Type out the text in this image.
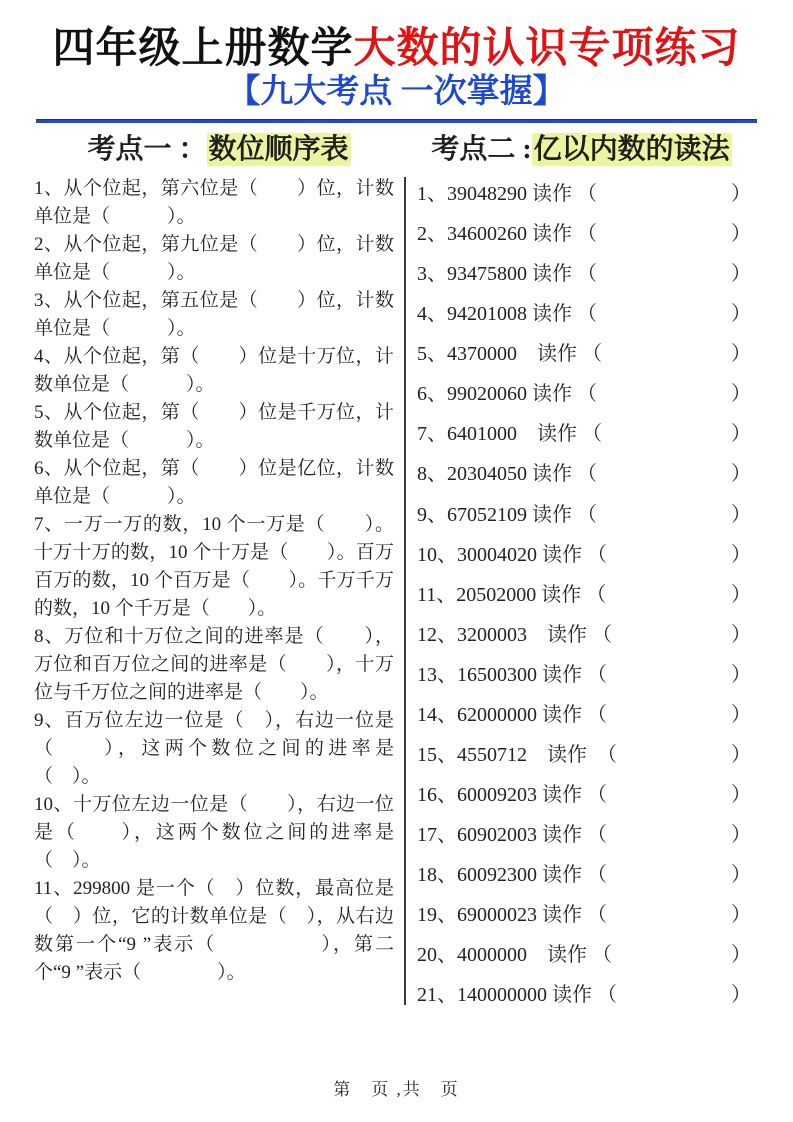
四年级上册数学大数的认识专项练习
【九大考点 一次掌握】
考点一 ：数位顺序表	考点二 :亿以内数的读法

1、从个位起，第六位是（　　）位，计数单位是（　　　）。

2、从个位起，第九位是（　　）位，计数单位是（　　　）。

3、从个位起，第五位是（　　）位，计数单位是（　　　）。

4、从个位起，第（　　）位是十万位，计数单位是（　　　）。

5、从个位起，第（　　）位是千万位，计数单位是（　　　）。

6、从个位起，第（　　）位是亿位，计数单位是（　　　）。

7、一万一万的数，10 个一万是（　　）。十万十万的数，10 个十万是（　　）。百万百万的数，10 个百万是（　　）。千万千万的数，10 个千万是（　　）。

8、万位和十万位之间的进率是（　　），万位和百万位之间的进率是（　　），十万位与千万位之间的进率是（　　）。

9、百万位左边一位是（　），右边一位是（　　），这两个数位之间的进率是（　）。

10、十万位左边一位是（　　），右边一位是（　　），这两个数位之间的进率是（　）。

11、299800 是一个（　）位数，最高位是（　）位，它的计数单位是（　），从右边数第一个“9 ”表示（　　　　　），第二个“9 ”表示（　　　　）。

1、39048290 读作 （	）
2、34600260 读作 （	）
3、93475800 读作 （	）
4、94201008 读作 （	）
5、4370000　读作 （	）
6、99020060 读作 （	）
7、6401000　读作 （	）
8、20304050 读作 （	）
9、67052109 读作 （	）
10、30004020 读作 （	）
11、20502000 读作 （	）
12、3200003　读作 （	）
13、16500300 读作 （	）
14、62000000 读作 （	）
15、4550712　读作　（	）
16、60009203 读作 （	）
17、60902003 读作 （	）
18、60092300 读作 （	）
19、69000023 读作 （	）
20、4000000　读作 （	）
21、140000000 读作 （	）
第　页 ,共　页
